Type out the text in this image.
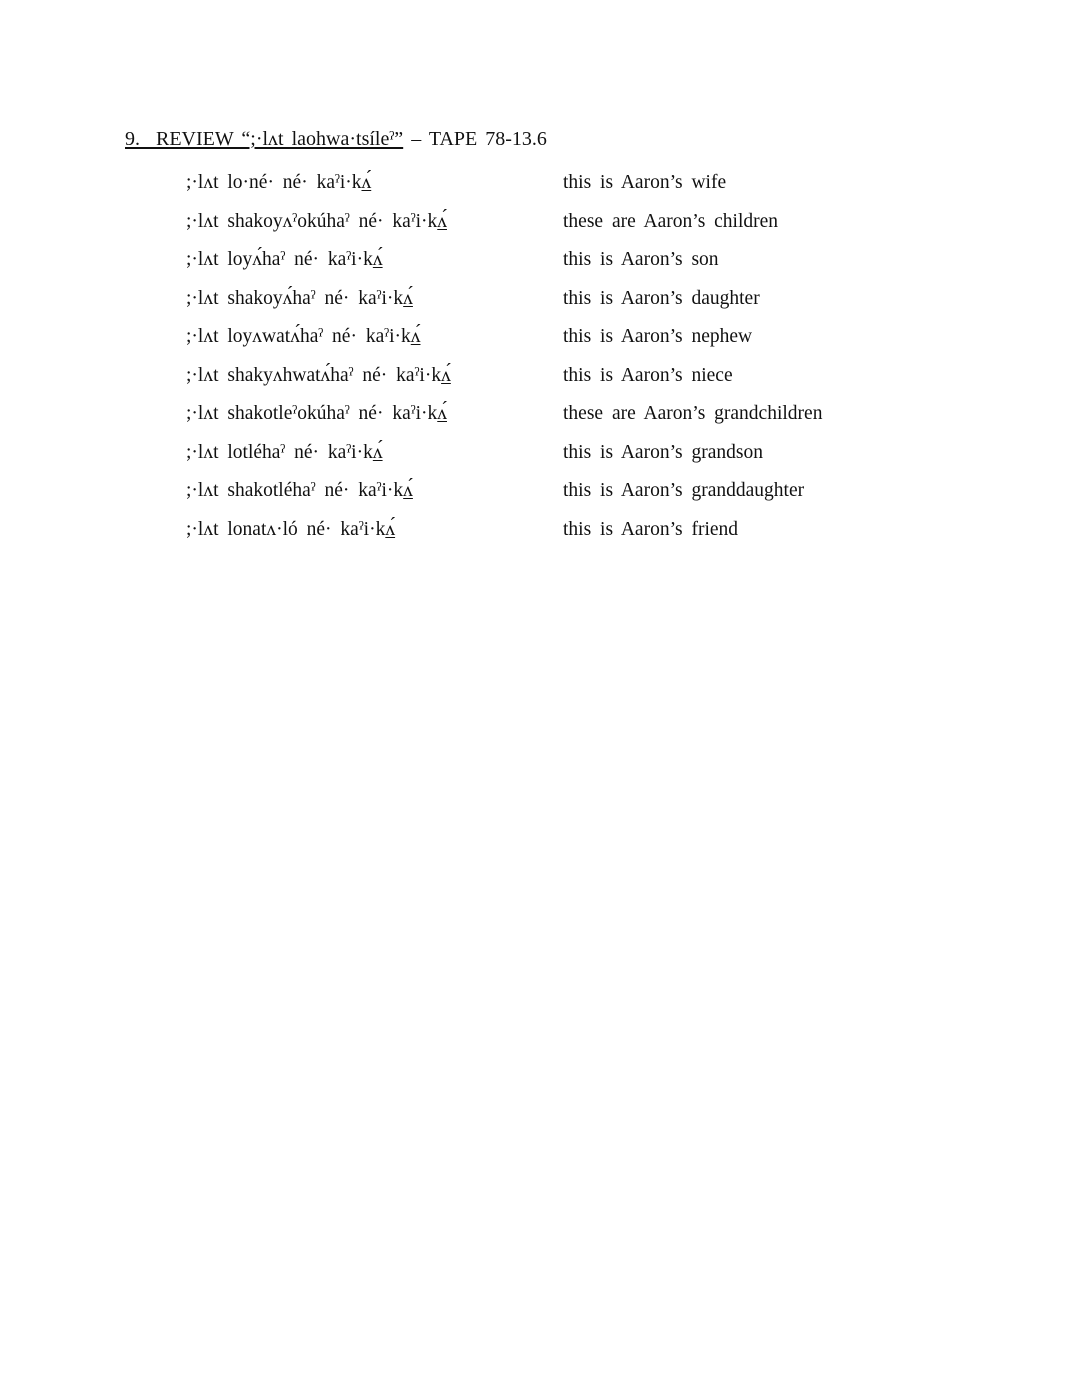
9. REVIEW “;·lʌt laohwa·tsíleˀ” – TAPE 78-13.6
;·lʌt lo·né· né· kaˀi·kʌ́	this is Aaron’s wife
;·lʌt shakoyʌˀokúhaˀ né· kaˀi·kʌ́	these are Aaron’s children
;·lʌt loyʌ́haˀ né· kaˀi·kʌ́	this is Aaron’s son
;·lʌt shakoyʌ́haˀ né· kaˀi·kʌ́	this is Aaron’s daughter
;·lʌt loyʌwatʌ́haˀ né· kaˀi·kʌ́	this is Aaron’s nephew
;·lʌt shakyʌhwatʌ́haˀ né· kaˀi·kʌ́	this is Aaron’s niece
;·lʌt shakotleˀokúhaˀ né· kaˀi·kʌ́	these are Aaron’s grandchildren
;·lʌt lotléhaˀ né· kaˀi·kʌ́	this is Aaron’s grandson
;·lʌt shakotléhaˀ né· kaˀi·kʌ́	this is Aaron’s granddaughter
;·lʌt lonatʌ·ló né· kaˀi·kʌ́	this is Aaron’s friend
